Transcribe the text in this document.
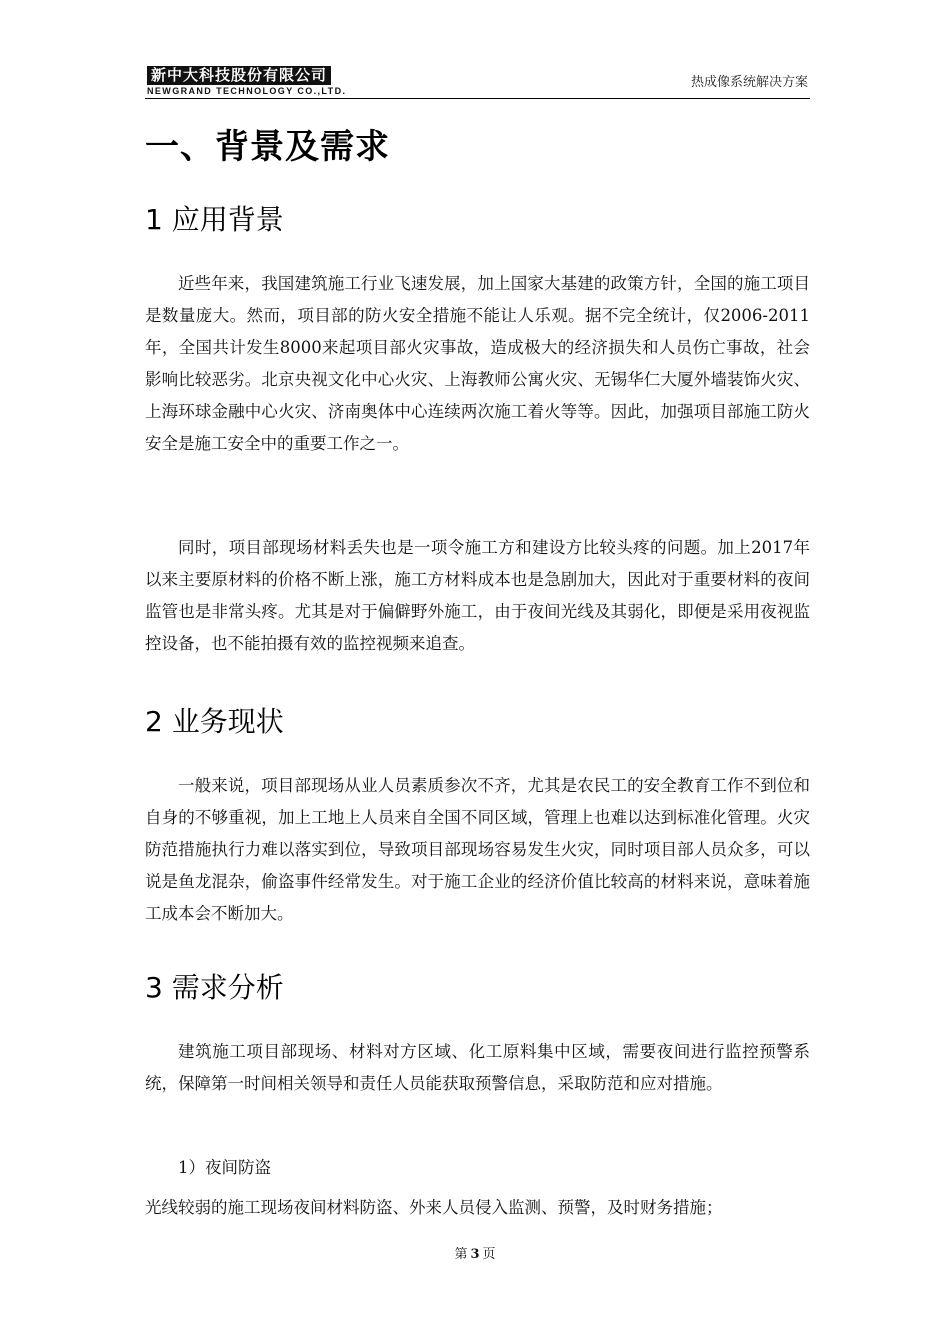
新中大科技股份有限公司
NEWGRAND TECHNOLOGY CO.,LTD.
热成像系统解决方案
一、背景及需求
1 应用背景

近些年来，我国建筑施工行业飞速发展，加上国家大基建的政策方针，全国的施工项目是数量庞大。然而，项目部的防火安全措施不能让人乐观。据不完全统计，仅2006-2011年，全国共计发生8000来起项目部火灾事故，造成极大的经济损失和人员伤亡事故，社会影响比较恶劣。北京央视文化中心火灾、上海教师公寓火灾、无锡华仁大厦外墙装饰火灾、上海环球金融中心火灾、济南奥体中心连续两次施工着火等等。因此，加强项目部施工防火安全是施工安全中的重要工作之一。

同时，项目部现场材料丢失也是一项令施工方和建设方比较头疼的问题。加上2017年以来主要原材料的价格不断上涨，施工方材料成本也是急剧加大，因此对于重要材料的夜间监管也是非常头疼。尤其是对于偏僻野外施工，由于夜间光线及其弱化，即便是采用夜视监控设备，也不能拍摄有效的监控视频来追查。

2 业务现状

一般来说，项目部现场从业人员素质参次不齐，尤其是农民工的安全教育工作不到位和自身的不够重视，加上工地上人员来自全国不同区域，管理上也难以达到标准化管理。火灾防范措施执行力难以落实到位，导致项目部现场容易发生火灾，同时项目部人员众多，可以说是鱼龙混杂，偷盗事件经常发生。对于施工企业的经济价值比较高的材料来说，意味着施工成本会不断加大。

3 需求分析

建筑施工项目部现场、材料对方区域、化工原料集中区域，需要夜间进行监控预警系统，保障第一时间相关领导和责任人员能获取预警信息，采取防范和应对措施。

1）夜间防盗

光线较弱的施工现场夜间材料防盗、外来人员侵入监测、预警，及时财务措施；

第 3 页
